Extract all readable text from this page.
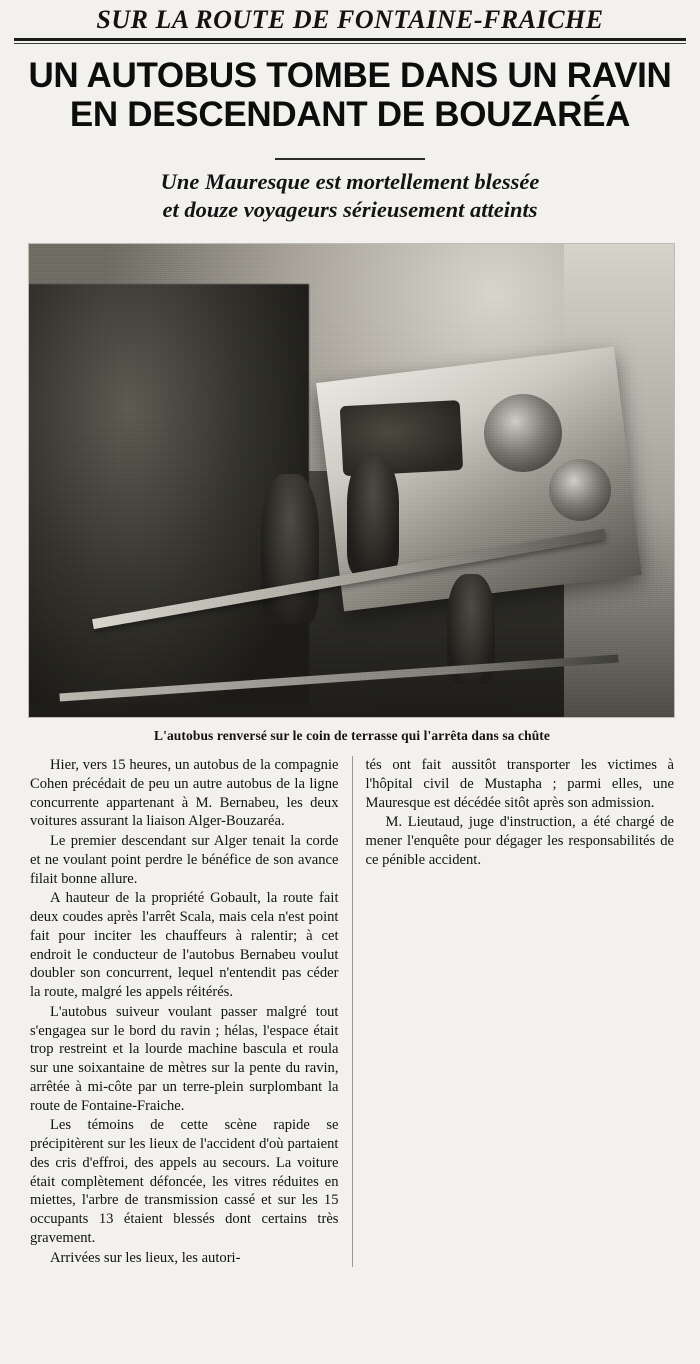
SUR LA ROUTE DE FONTAINE-FRAICHE
UN AUTOBUS TOMBE DANS UN RAVIN
EN DESCENDANT DE BOUZARÉA
Une Mauresque est mortellement blessée
et douze voyageurs sérieusement atteints
L'autobus renversé sur le coin de terrasse qui l'arrêta dans sa chûte

Hier, vers 15 heures, un autobus de la compagnie Cohen précédait de peu un autre autobus de la ligne concurrente appartenant à M. Bernabeu, les deux voitures assurant la liaison Alger-Bouzaréa.

Le premier descendant sur Alger tenait la corde et ne voulant point perdre le bénéfice de son avance filait bonne allure.

A hauteur de la propriété Gobault, la route fait deux coudes après l'arrêt Scala, mais cela n'est point fait pour inciter les chauffeurs à ralentir; à cet endroit le conducteur de l'autobus Bernabeu voulut doubler son concurrent, lequel n'entendit pas céder la route, malgré les appels réitérés.

L'autobus suiveur voulant passer malgré tout s'engagea sur le bord du ravin ; hélas, l'espace était trop restreint et la lourde machine bascula et roula sur une soixantaine de mètres sur la pente du ravin, arrêtée à mi-côte par un terre-plein surplombant la route de Fontaine-Fraiche.

Les témoins de cette scène rapide se précipitèrent sur les lieux de l'accident d'où partaient des cris d'effroi, des appels au secours. La voiture était complètement défoncée, les vitres réduites en miettes, l'arbre de transmission cassé et sur les 15 occupants 13 étaient blessés dont certains très gravement.

Arrivées sur les lieux, les autori-

tés ont fait aussitôt transporter les victimes à l'hôpital civil de Mustapha ; parmi elles, une Mauresque est décédée sitôt après son admission.

M. Lieutaud, juge d'instruction, a été chargé de mener l'enquête pour dégager les responsabilités de ce pénible accident.
